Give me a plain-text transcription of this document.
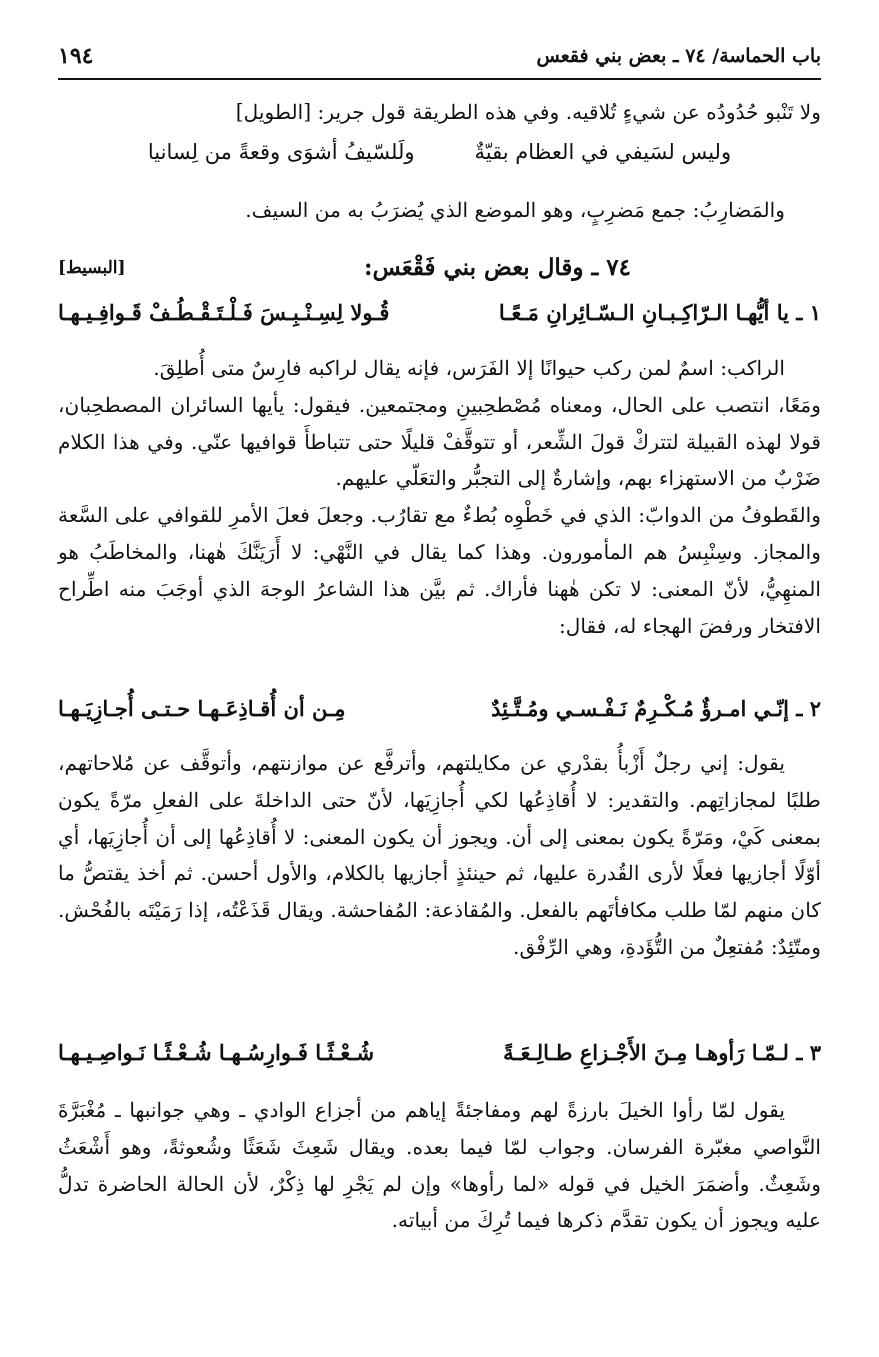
١٩٤	باب الحماسة/ ٧٤ ـ بعض بني فقعس
ولا تَنْبو حُدُودُه عن شيءٍ تُلاقيه. وفي هذه الطريقة قول جرير: [الطويل]
وليس لسَيفي في العظام بقيّةٌ
ولَلسّيفُ أشوَى وقعةً من لِسانيا
والمَضارِبُ: جمع مَضرِبٍ، وهو الموضع الذي يُضرَبُ به من السيف.
٧٤ ـ وقال بعض بني فَقْعَس:
[البسيط]
١ ـ يا أيُّهـا الـرّاكِـبـانِ الـسّـائِرانِ مَـعًـا
قُـولا لِسِـنْـبِـسَ فَـلْـتَـقْـطُـفْ قَـوافِـيـهـا
الراكب: اسمٌ لمن ركب حيوانًا إلا الفَرَس، فإنه يقال لراكبه فارِسٌ متى أُطلِقَ.
ومَعًا، انتصب على الحال، ومعناه مُصْطحِبينِ ومجتمعين. فيقول: يأيها السائران المصطحِبان، قولا لهذه القبيلة لتتركْ قولَ الشِّعر، أو تتوقَّفْ قليلًا حتى تتباطأَ قوافيها عنّي. وفي هذا الكلام ضَرْبٌ من الاستهزاء بهم، وإشارةٌ إلى التجبُّر والتعَلّي عليهم.
والقَطوفُ من الدوابّ: الذي في خَطْوِه بُطءٌ مع تقارُب. وجعلَ فعلَ الأمرِ للقوافي على السَّعة والمجاز. وسِنْبِسُ هم المأمورون. وهذا كما يقال في النَّهْي: لا أَرَيَنَّكَ هٰهنا، والمخاطَبُ هو المنهِيُّ، لأنّ المعنى: لا تكن هٰهنا فأراك. ثم بيَّن هذا الشاعرُ الوجهَ الذي أوجَبَ منه اطِّراح الافتخار ورفضَ الهجاء له، فقال:
٢ ـ إنّـي امـرؤٌ مُـكْـرِمٌ نَـفْـسـي ومُـتَّـئِدٌ
مِـن أن أُقـاذِعَـهـا حـتـى أُجـازِيَـهـا
يقول: إني رجلٌ أَزْبأُ بقدْري عن مكايلتهم، وأترفَّع عن موازنتهم، وأتوقَّف عن مُلاحاتهم، طلبًا لمجازاتِهم. والتقدير: لا أُقاذِعُها لكي أُجازِيَها، لأنّ حتى الداخلةَ على الفعلِ مرّةً يكون بمعنى كَيْ، ومَرّةً يكون بمعنى إلى أن. ويجوز أن يكون المعنى: لا أُقاذِعُها إلى أن أُجازِيَها، أي أوّلًا أجازيها فعلًا لأرى القُدرة عليها، ثم حينئذٍ أجازيها بالكلام، والأول أحسن. ثم أخذ يقتصُّ ما كان منهم لمّا طلب مكافأتَهم بالفعل. والمُقاذعة: المُفاحشة. ويقال قَذَعْتُه، إذا رَمَيْتَه بالفُحْش. ومتّئِدٌ: مُفتعِلٌ من التُّؤَدةِ، وهي الرِّفْق.
٣ ـ لـمّـا رَأوهـا مِـنَ الأَجْـزاعِ طـالِـعَـةً
شُـعْـثًـا فَـوارِسُـهـا شُـعْـثًـا نَـواصِـيـهـا
يقول لمّا رأوا الخيلَ بارزةً لهم ومفاجئةً إياهم من أجزاع الوادي ـ وهي جوانبها ـ مُغْبَرَّةَ النَّواصي مغبّرة الفرسان. وجواب لمّا فيما بعده. ويقال شَعِثَ شَعَثًا وشُعوثةً، وهو أَشْعَثُ وشَعِثٌ. وأضمَرَ الخيل في قوله «لما رأوها» وإن لم يَجْرِ لها ذِكْرٌ، لأن الحالة الحاضرة تدلُّ عليه ويجوز أن يكون تقدَّم ذكرها فيما تُرِكَ من أبياته.
